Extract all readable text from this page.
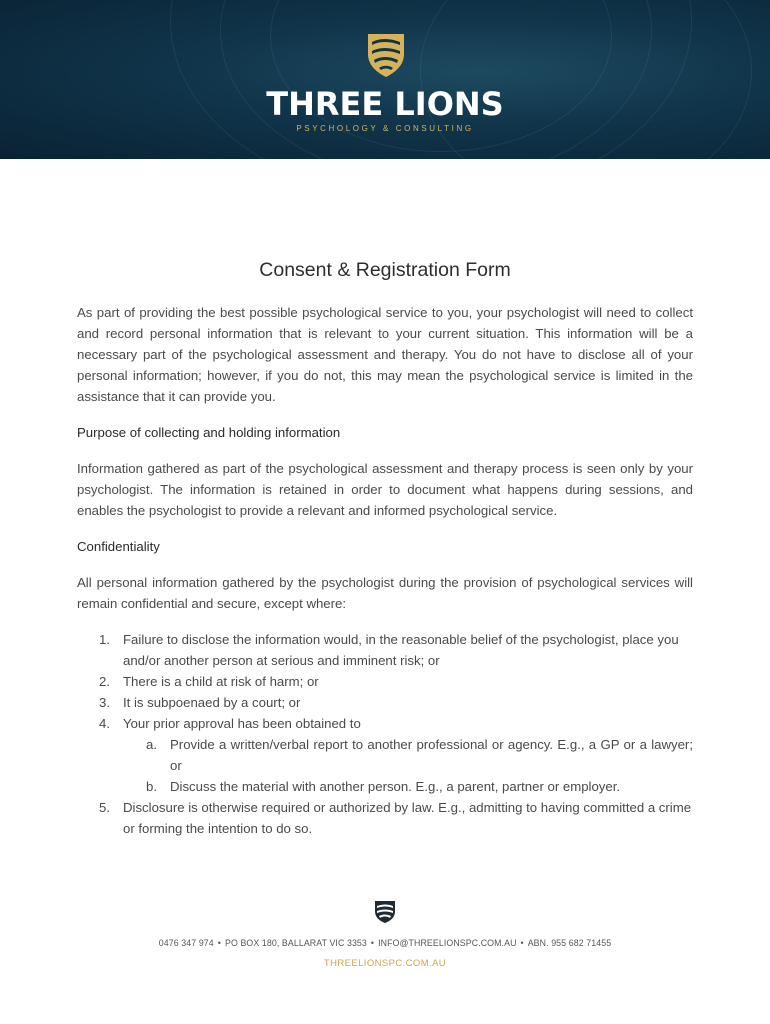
THREE LIONS
PSYCHOLOGY & CONSULTING
Consent & Registration Form

As part of providing the best possible psychological service to you, your psychologist will need to collect and record personal information that is relevant to your current situation. This information will be a necessary part of the psychological assessment and therapy. You do not have to disclose all of your personal information; however, if you do not, this may mean the psychological service is limited in the assistance that it can provide you.

Purpose of collecting and holding information

Information gathered as part of the psychological assessment and therapy process is seen only by your psychologist. The information is retained in order to document what happens during sessions, and enables the psychologist to provide a relevant and informed psychological service.

Confidentiality

All personal information gathered by the psychologist during the provision of psychological services will remain confidential and secure, except where:

1. Failure to disclose the information would, in the reasonable belief of the psychologist, place you and/or another person at serious and imminent risk; or
2. There is a child at risk of harm; or
3. It is subpoenaed by a court; or
4. Your prior approval has been obtained to
a. Provide a written/verbal report to another professional or agency. E.g., a GP or a lawyer; or
b. Discuss the material with another person. E.g., a parent, partner or employer.
5. Disclosure is otherwise required or authorized by law. E.g., admitting to having committed a crime or forming the intention to do so.
0476 347 974 • PO BOX 180, BALLARAT VIC 3353 • INFO@THREELIONSPC.COM.AU • ABN. 955 682 71455
THREELIONSPC.COM.AU
